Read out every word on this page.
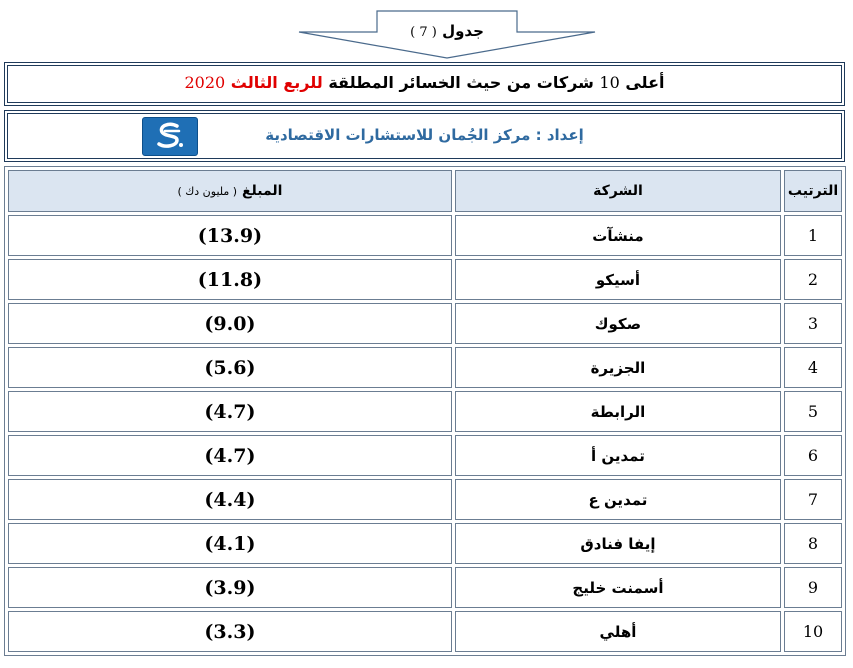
جدول ( 7 )
أعلى 10 شركات من حيث الخسائر المطلقة للربع الثالث 2020
إعداد : مركز الجُمان للاستشارات الاقتصادية
الترتيب	الشركة	المبلغ ( مليون دك )
1	منشآت	(13.9)
2	أسيكو	(11.8)
3	صكوك	(9.0)
4	الجزيرة	(5.6)
5	الرابطة	(4.7)
6	تمدين أ	(4.7)
7	تمدين ع	(4.4)
8	إيفا فنادق	(4.1)
9	أسمنت خليج	(3.9)
10	أهلي	(3.3)
